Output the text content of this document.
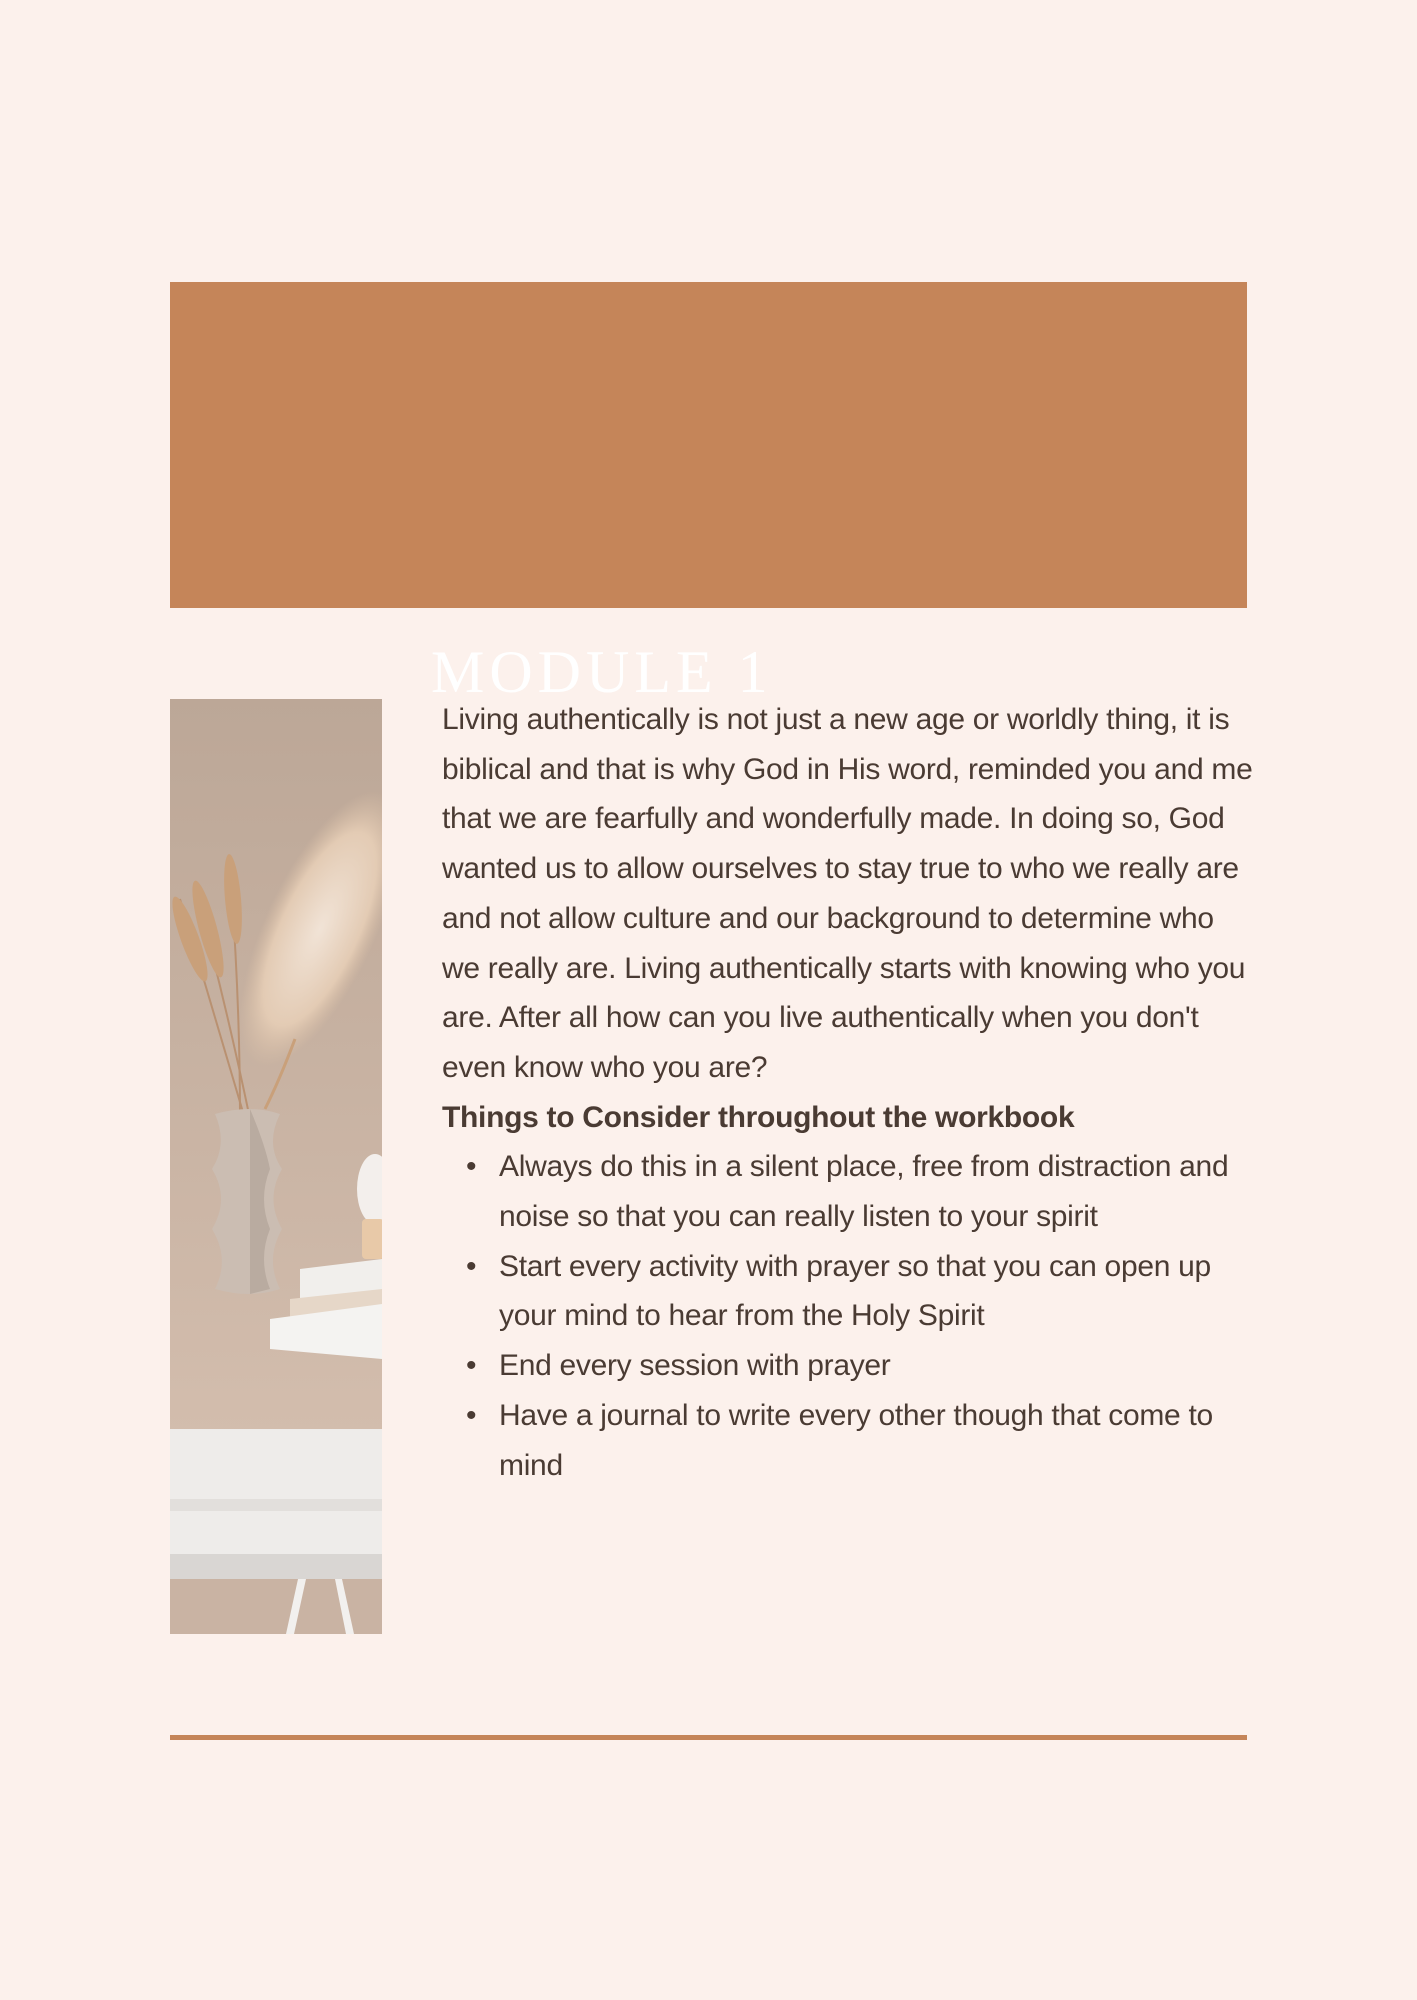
MODULE 1

Living authentically is not just a new age or worldly thing, it is biblical and that is why God in His word, reminded you and me that we are fearfully and wonderfully made. In doing so, God wanted us to allow ourselves to stay true to who we really are and not allow culture and our background to determine who we really are. Living authentically starts with knowing who you are. After all how can you live authentically when you don't even know who you are?

Things to Consider throughout the workbook

• Always do this in a silent place, free from distraction and noise so that you can really listen to your spirit
• Start every activity with prayer so that you can open up your mind to hear from the Holy Spirit
• End every session with prayer
• Have a journal to write every other though that come to mind
